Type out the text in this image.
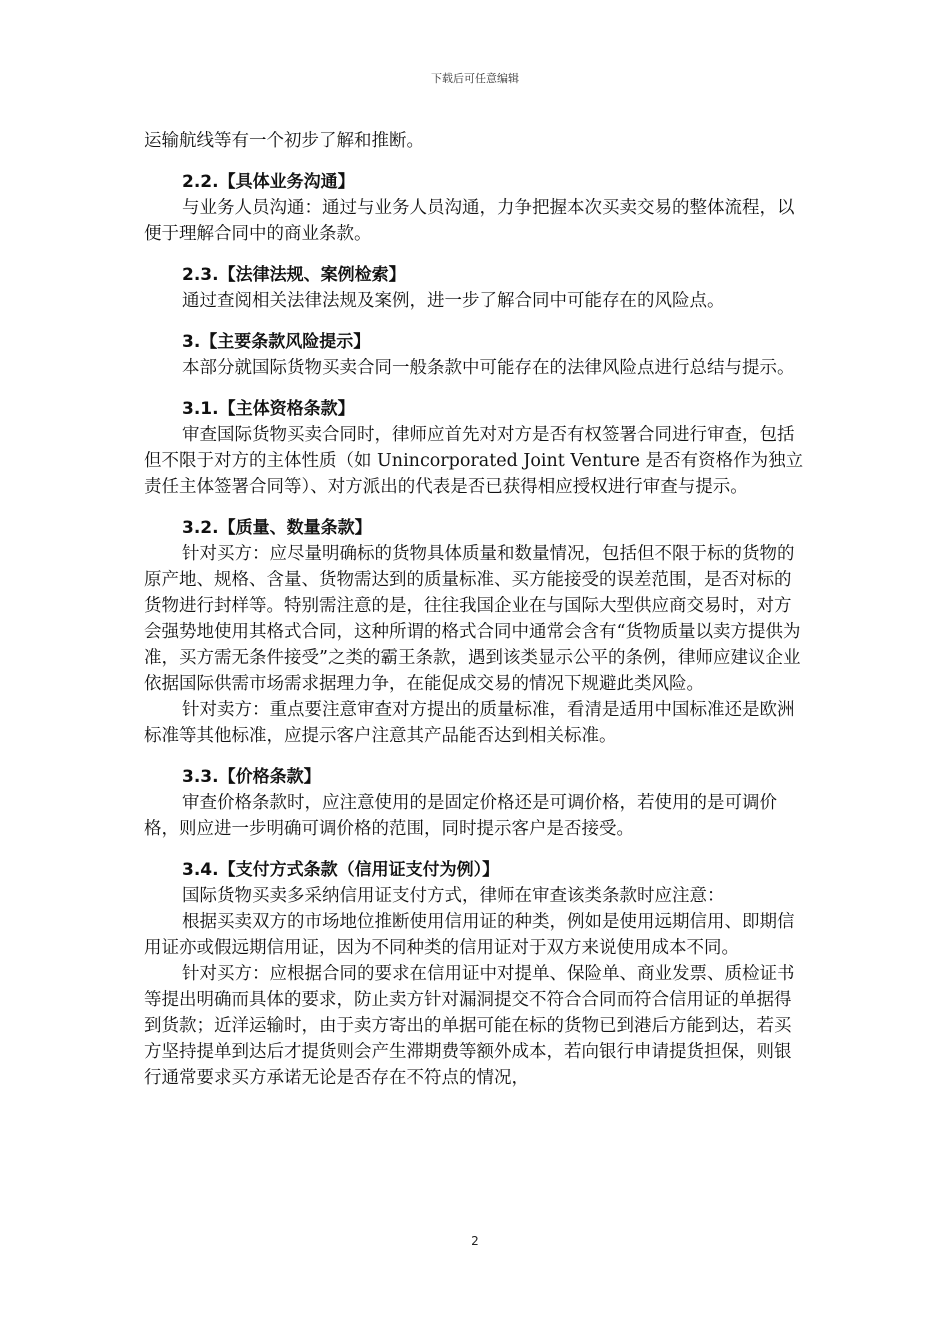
下载后可任意编辑

运输航线等有一个初步了解和推断。

2.2.【具体业务沟通】

与业务人员沟通：通过与业务人员沟通，力争把握本次买卖交易的整体流程，以便于理解合同中的商业条款。

2.3.【法律法规、案例检索】

通过查阅相关法律法规及案例，进一步了解合同中可能存在的风险点。

3.【主要条款风险提示】

本部分就国际货物买卖合同一般条款中可能存在的法律风险点进行总结与提示。

3.1.【主体资格条款】

审查国际货物买卖合同时，律师应首先对对方是否有权签署合同进行审查，包括但不限于对方的主体性质（如 Unincorporated Joint Venture 是否有资格作为独立责任主体签署合同等）、对方派出的代表是否已获得相应授权进行审查与提示。

3.2.【质量、数量条款】

针对买方：应尽量明确标的货物具体质量和数量情况，包括但不限于标的货物的原产地、规格、含量、货物需达到的质量标准、买方能接受的误差范围，是否对标的货物进行封样等。特别需注意的是，往往我国企业在与国际大型供应商交易时，对方会强势地使用其格式合同，这种所谓的格式合同中通常会含有“货物质量以卖方提供为准，买方需无条件接受”之类的霸王条款，遇到该类显示公平的条例，律师应建议企业依据国际供需市场需求据理力争，在能促成交易的情况下规避此类风险。

针对卖方：重点要注意审查对方提出的质量标准，看清是适用中国标准还是欧洲标准等其他标准，应提示客户注意其产品能否达到相关标准。

3.3.【价格条款】

审查价格条款时，应注意使用的是固定价格还是可调价格，若使用的是可调价格，则应进一步明确可调价格的范围，同时提示客户是否接受。

3.4.【支付方式条款（信用证支付为例）】

国际货物买卖多采纳信用证支付方式，律师在审查该类条款时应注意：

根据买卖双方的市场地位推断使用信用证的种类，例如是使用远期信用、即期信用证亦或假远期信用证，因为不同种类的信用证对于双方来说使用成本不同。

针对买方：应根据合同的要求在信用证中对提单、保险单、商业发票、质检证书等提出明确而具体的要求，防止卖方针对漏洞提交不符合合同而符合信用证的单据得到货款；近洋运输时，由于卖方寄出的单据可能在标的货物已到港后方能到达，若买方坚持提单到达后才提货则会产生滞期费等额外成本，若向银行申请提货担保，则银行通常要求买方承诺无论是否存在不符点的情况，

2
